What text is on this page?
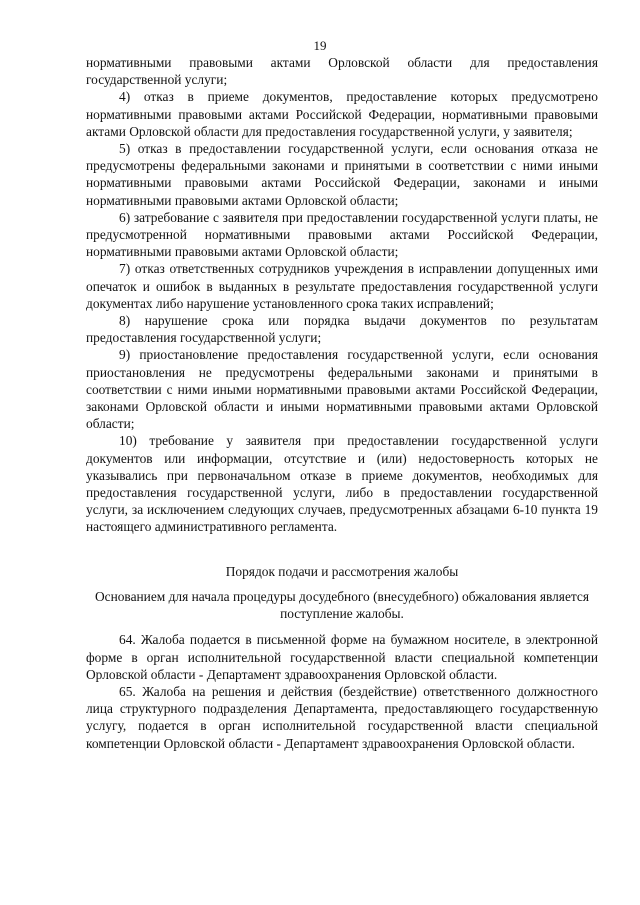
19

нормативными правовыми актами Орловской области для предоставления государственной услуги;

4) отказ в приеме документов, предоставление которых предусмотрено нормативными правовыми актами Российской Федерации, нормативными правовыми актами Орловской области для предоставления государственной услуги, у заявителя;

5) отказ в предоставлении государственной услуги, если основания отказа не предусмотрены федеральными законами и принятыми в соответствии с ними иными нормативными правовыми актами Российской Федерации, законами и иными нормативными правовыми актами Орловской области;

6) затребование с заявителя при предоставлении государственной услуги платы, не предусмотренной нормативными правовыми актами Российской Федерации, нормативными правовыми актами Орловской области;

7) отказ ответственных сотрудников учреждения в исправлении допущенных ими опечаток и ошибок в выданных в результате предоставления государственной услуги документах либо нарушение установленного срока таких исправлений;

8) нарушение срока или порядка выдачи документов по результатам предоставления государственной услуги;

9) приостановление предоставления государственной услуги, если основания приостановления не предусмотрены федеральными законами и принятыми в соответствии с ними иными нормативными правовыми актами Российской Федерации, законами Орловской области и иными нормативными правовыми актами Орловской области;

10) требование у заявителя при предоставлении государственной услуги документов или информации, отсутствие и (или) недостоверность которых не указывались при первоначальном отказе в приеме документов, необходимых для предоставления государственной услуги, либо в предоставлении государственной услуги, за исключением следующих случаев, предусмотренных абзацами 6-10 пункта 19 настоящего административного регламента.

Порядок подачи и рассмотрения жалобы
Основанием для начала процедуры досудебного (внесудебного) обжалования является поступление жалобы.

64. Жалоба подается в письменной форме на бумажном носителе, в электронной форме в орган исполнительной государственной власти специальной компетенции Орловской области - Департамент здравоохранения Орловской области.

65. Жалоба на решения и действия (бездействие) ответственного должностного лица структурного подразделения Департамента, предоставляющего государственную услугу, подается в орган исполнительной государственной власти специальной компетенции Орловской области - Департамент здравоохранения Орловской области.
